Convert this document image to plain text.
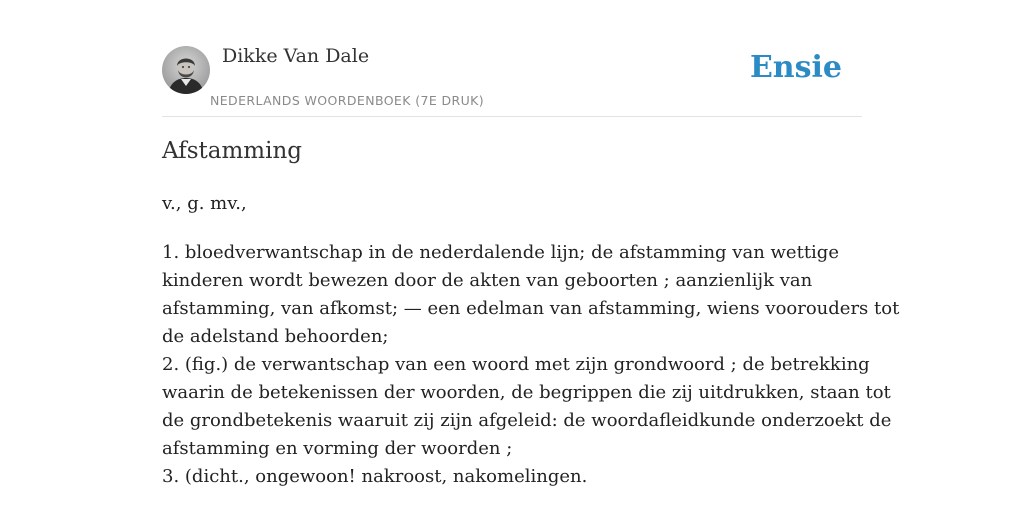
Dikke Van Dale
NEDERLANDS WOORDENBOEK (7E DRUK)
Ensie
Afstamming

v., g. mv.,

1. bloedverwantschap in de nederdalende lijn; de afstamming van wettige
kinderen wordt bewezen door de akten van geboorten ; aanzienlijk van
afstamming, van afkomst; — een edelman van afstamming, wiens voorouders tot
de adelstand behoorden;
2. (fig.) de verwantschap van een woord met zijn grondwoord ; de betrekking
waarin de betekenissen der woorden, de begrippen die zij uitdrukken, staan tot
de grondbetekenis waaruit zij zijn afgeleid: de woordafleidkunde onderzoekt de
afstamming en vorming der woorden ;
3. (dicht., ongewoon! nakroost, nakomelingen.
